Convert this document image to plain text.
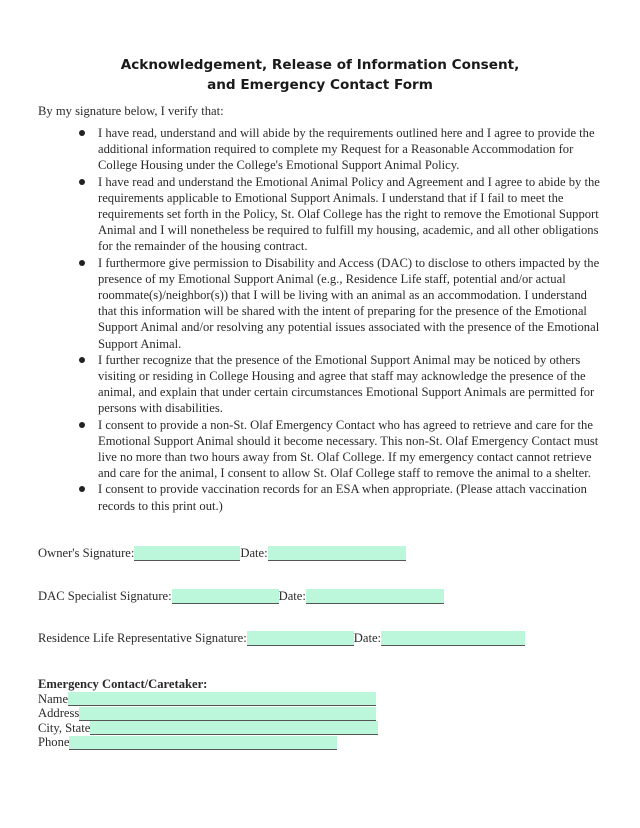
Acknowledgement, Release of Information Consent,
and Emergency Contact Form
By my signature below, I verify that:
I have read, understand and will abide by the requirements outlined here and I agree to provide the additional information required to complete my Request for a Reasonable Accommodation for College Housing under the College's Emotional Support Animal Policy.
I have read and understand the Emotional Animal Policy and Agreement and I agree to abide by the requirements applicable to Emotional Support Animals. I understand that if I fail to meet the requirements set forth in the Policy, St. Olaf College has the right to remove the Emotional Support Animal and I will nonetheless be required to fulfill my housing, academic, and all other obligations for the remainder of the housing contract.
I furthermore give permission to Disability and Access (DAC) to disclose to others impacted by the presence of my Emotional Support Animal (e.g., Residence Life staff, potential and/or actual roommate(s)/neighbor(s)) that I will be living with an animal as an accommodation. I understand that this information will be shared with the intent of preparing for the presence of the Emotional Support Animal and/or resolving any potential issues associated with the presence of the Emotional Support Animal.
I further recognize that the presence of the Emotional Support Animal may be noticed by others visiting or residing in College Housing and agree that staff may acknowledge the presence of the animal, and explain that under certain circumstances Emotional Support Animals are permitted for persons with disabilities.
I consent to provide a non-St. Olaf Emergency Contact who has agreed to retrieve and care for the Emotional Support Animal should it become necessary. This non-St. Olaf Emergency Contact must live no more than two hours away from St. Olaf College. If my emergency contact cannot retrieve and care for the animal, I consent to allow St. Olaf College staff to remove the animal to a shelter.
I consent to provide vaccination records for an ESA when appropriate. (Please attach vaccination records to this print out.)
Owner's Signature:	Date:
DAC Specialist Signature:	Date:
Residence Life Representative Signature:	Date:
Emergency Contact/Caretaker:
Name
Address
City, State
Phone
